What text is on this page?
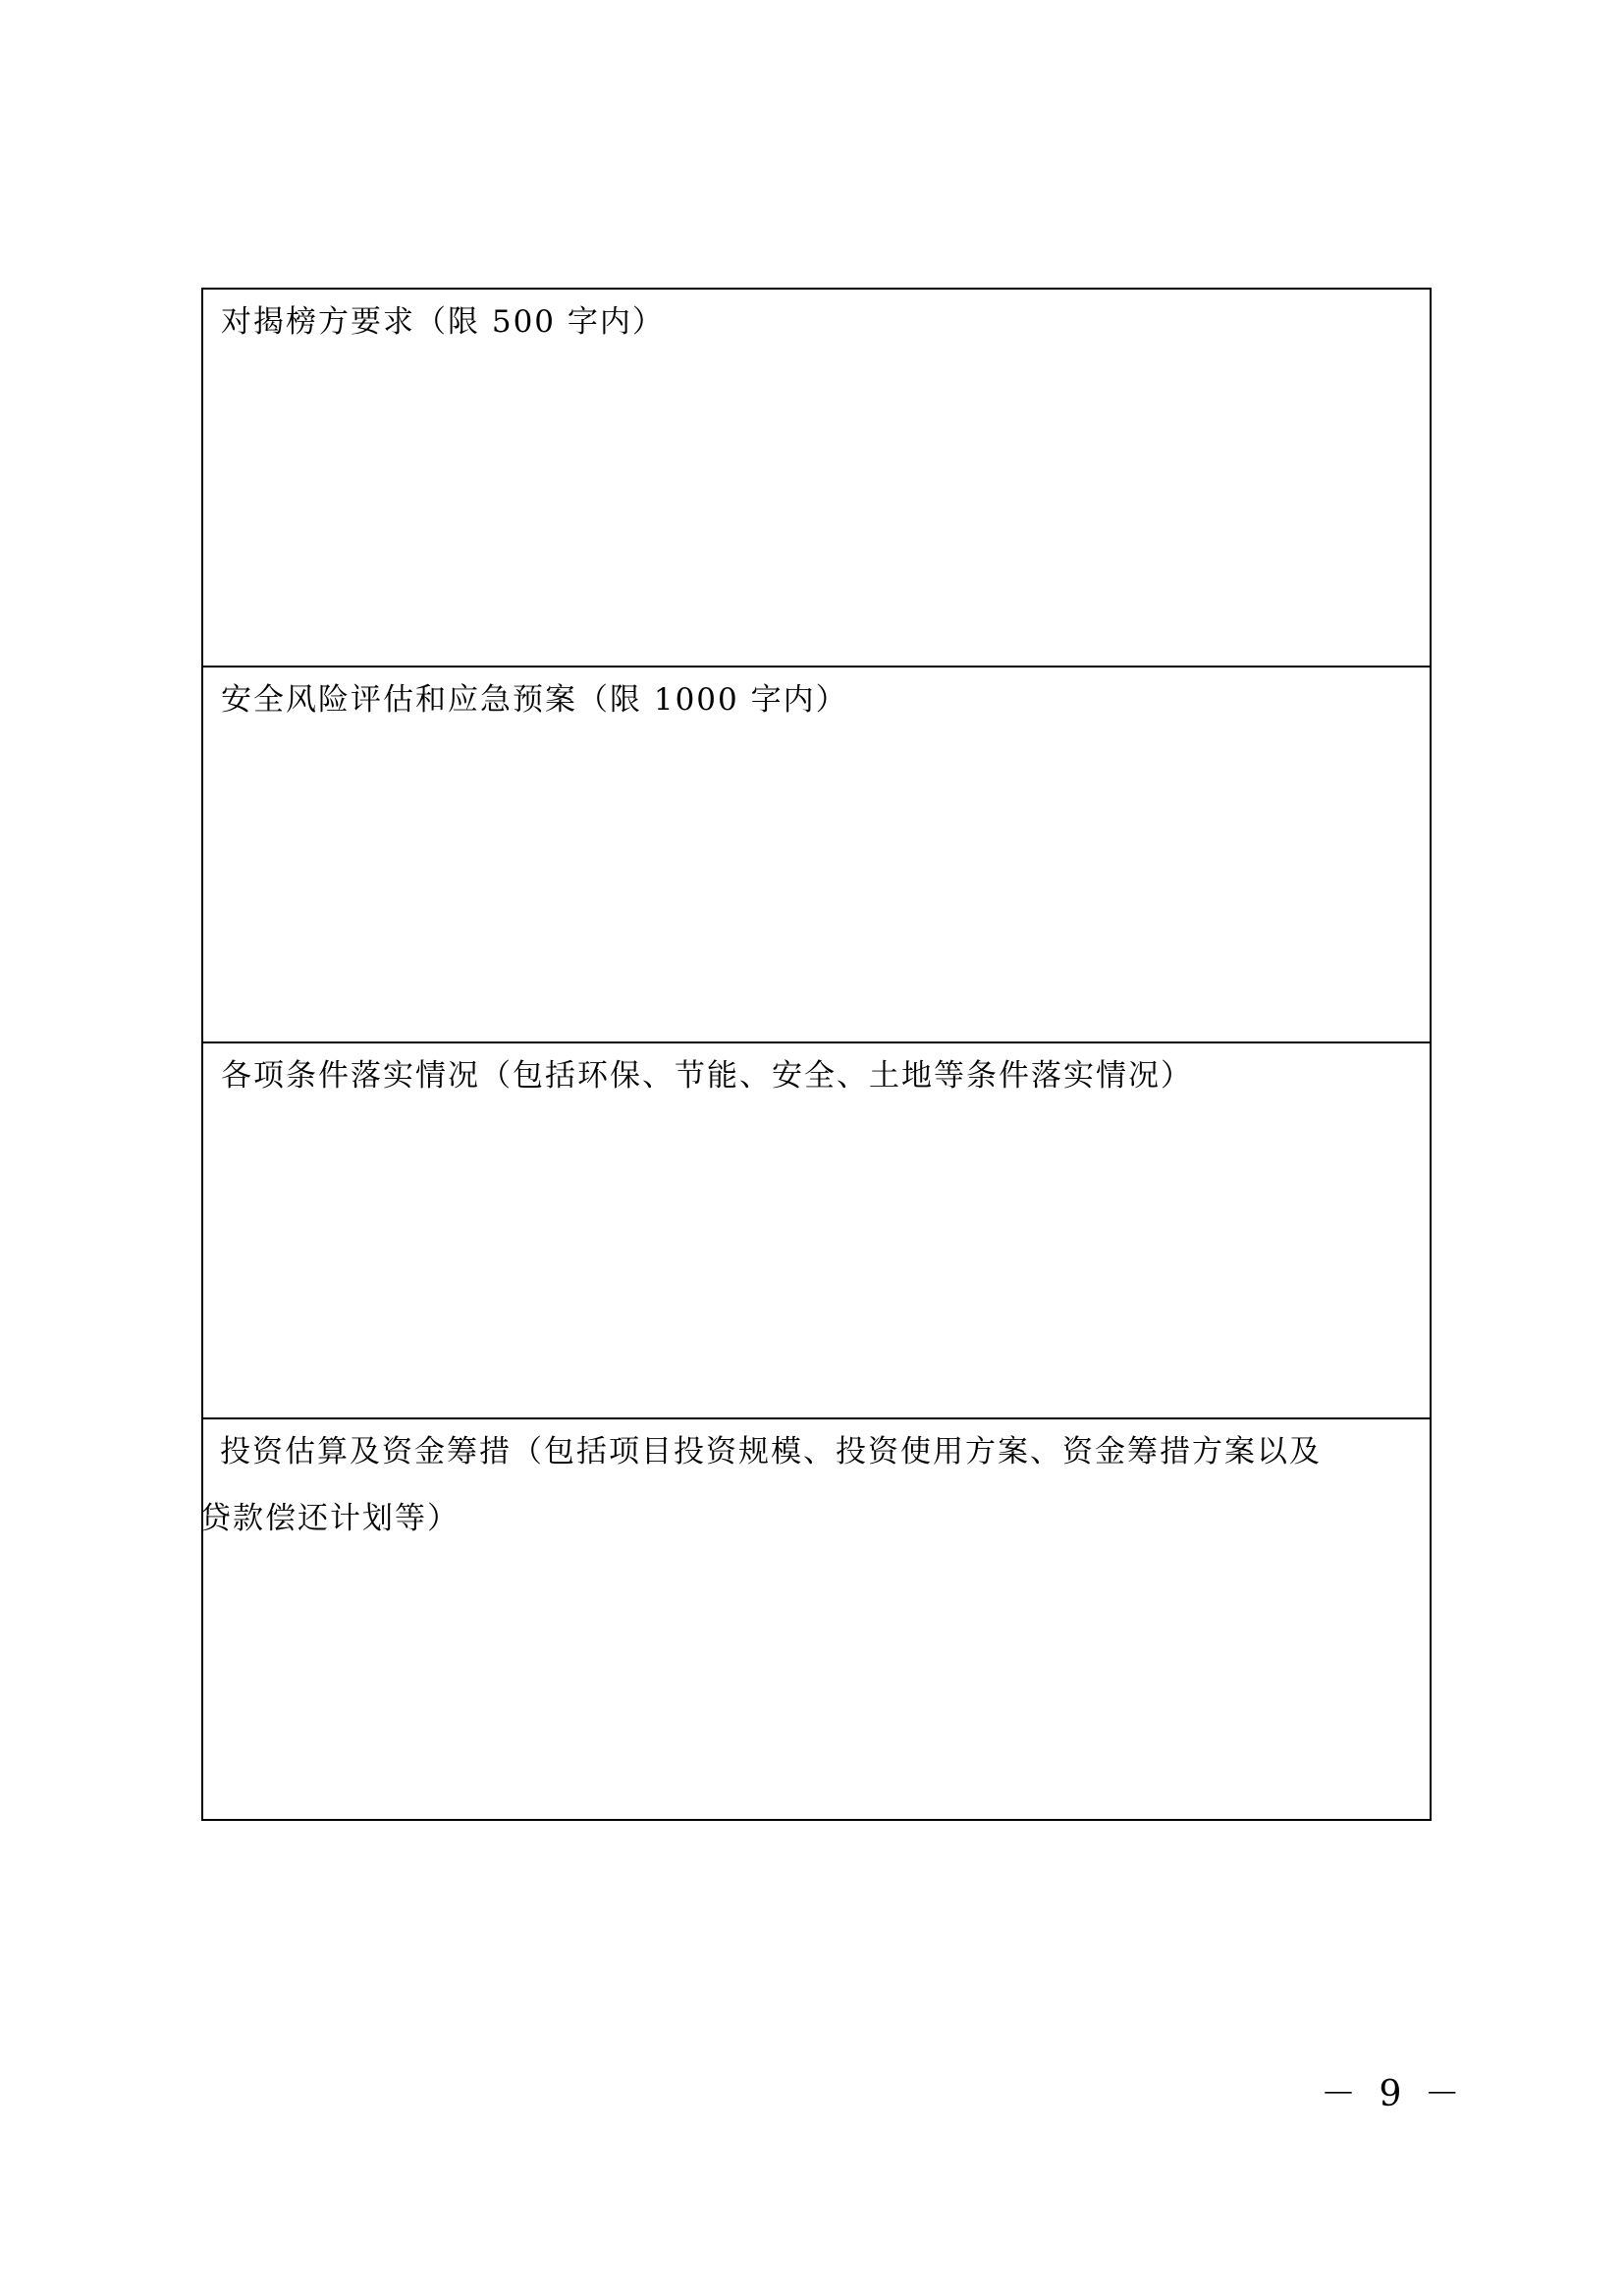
对揭榜方要求（限 500 字内）
安全风险评估和应急预案（限 1000 字内）
各项条件落实情况（包括环保、节能、安全、土地等条件落实情况）
投资估算及资金筹措（包括项目投资规模、投资使用方案、资金筹措方案以及
贷款偿还计划等）
－ 9 －
